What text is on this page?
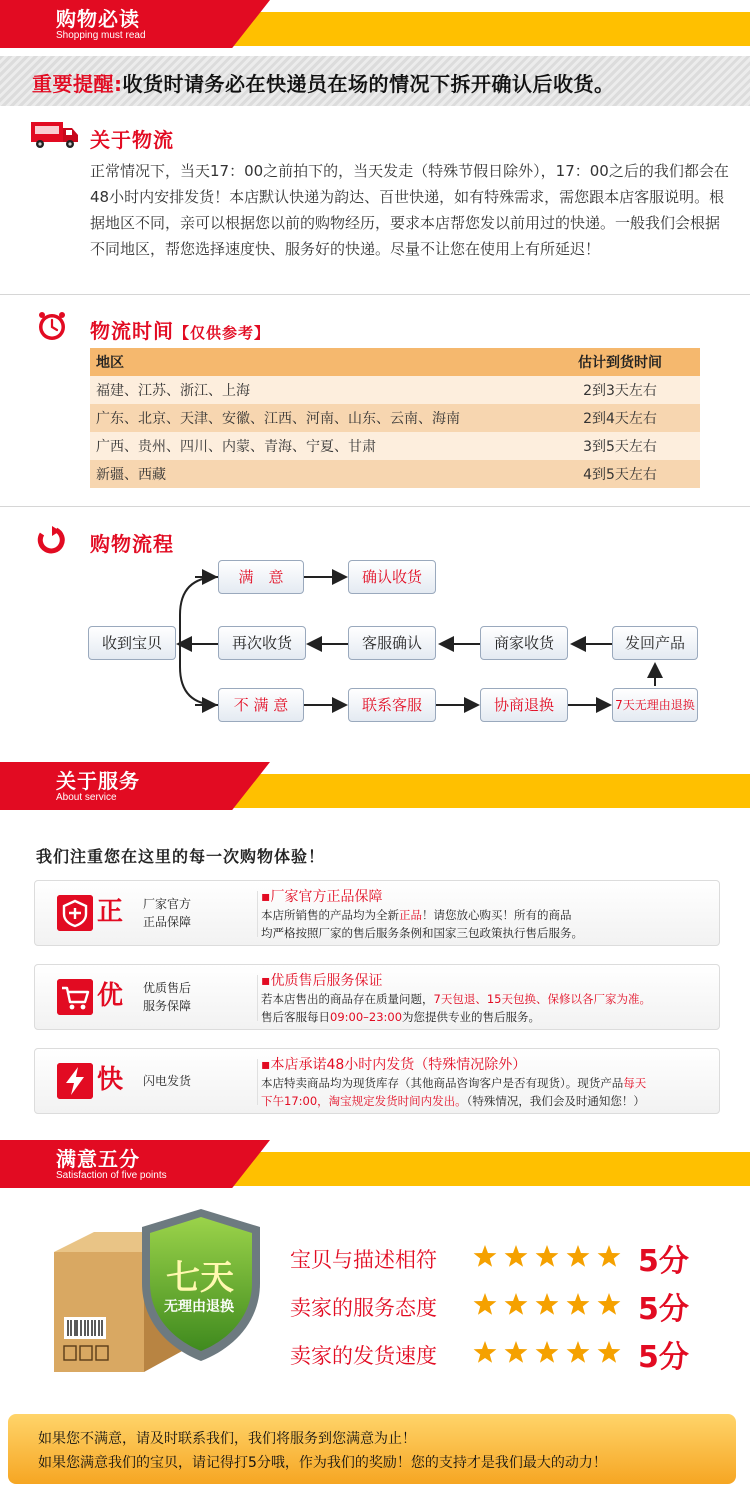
购物必读
Shopping must read
重要提醒:收货时请务必在快递员在场的情况下拆开确认后收货。
关于物流
正常情况下，当天17：00之前拍下的，当天发走（特殊节假日除外），17：00之后的我们都会在48小时内安排发货！本店默认快递为韵达、百世快递，如有特殊需求，需您跟本店客服说明。根据地区不同，亲可以根据您以前的购物经历，要求本店帮您发以前用过的快递。一般我们会根据不同地区，帮您选择速度快、服务好的快递。尽量不让您在使用上有所延迟！
物流时间【仅供参考】
地区	估计到货时间
福建、江苏、浙江、上海	2到3天左右
广东、北京、天津、安徽、江西、河南、山东、云南、海南	2到4天左右
广西、贵州、四川、内蒙、青海、宁夏、甘肃	3到5天左右
新疆、西藏	4到5天左右
购物流程
收到宝贝
满　意	确认收货
再次收货	客服确认	商家收货	发回产品
不 满 意	联系客服	协商退换	7天无理由退换
关于服务
About service
我们注重您在这里的每一次购物体验！
正 厂家官方
正品保障
▪厂家官方正品保障
本店所销售的产品均为全新正品！请您放心购买！所有的商品
均严格按照厂家的售后服务条例和国家三包政策执行售后服务。
优 优质售后
服务保障
▪优质售后服务保证
若本店售出的商品存在质量问题，7天包退、15天包换、保修以各厂家为准。
售后客服每日09:00–23:00为您提供专业的售后服务。
快 闪电发货
▪本店承诺48小时内发货（特殊情况除外）
本店特卖商品均为现货库存（其他商品咨询客户是否有现货）。现货产品每天
下午17:00，淘宝规定发货时间内发出。（特殊情况，我们会及时通知您！）
满意五分
Satisfaction of five points
七天
无理由退换
宝贝与描述相符	5分
卖家的服务态度	5分
卖家的发货速度	5分
如果您不满意，请及时联系我们，我们将服务到您满意为止！
如果您满意我们的宝贝，请记得打5分哦，作为我们的奖励！您的支持才是我们最大的动力！
